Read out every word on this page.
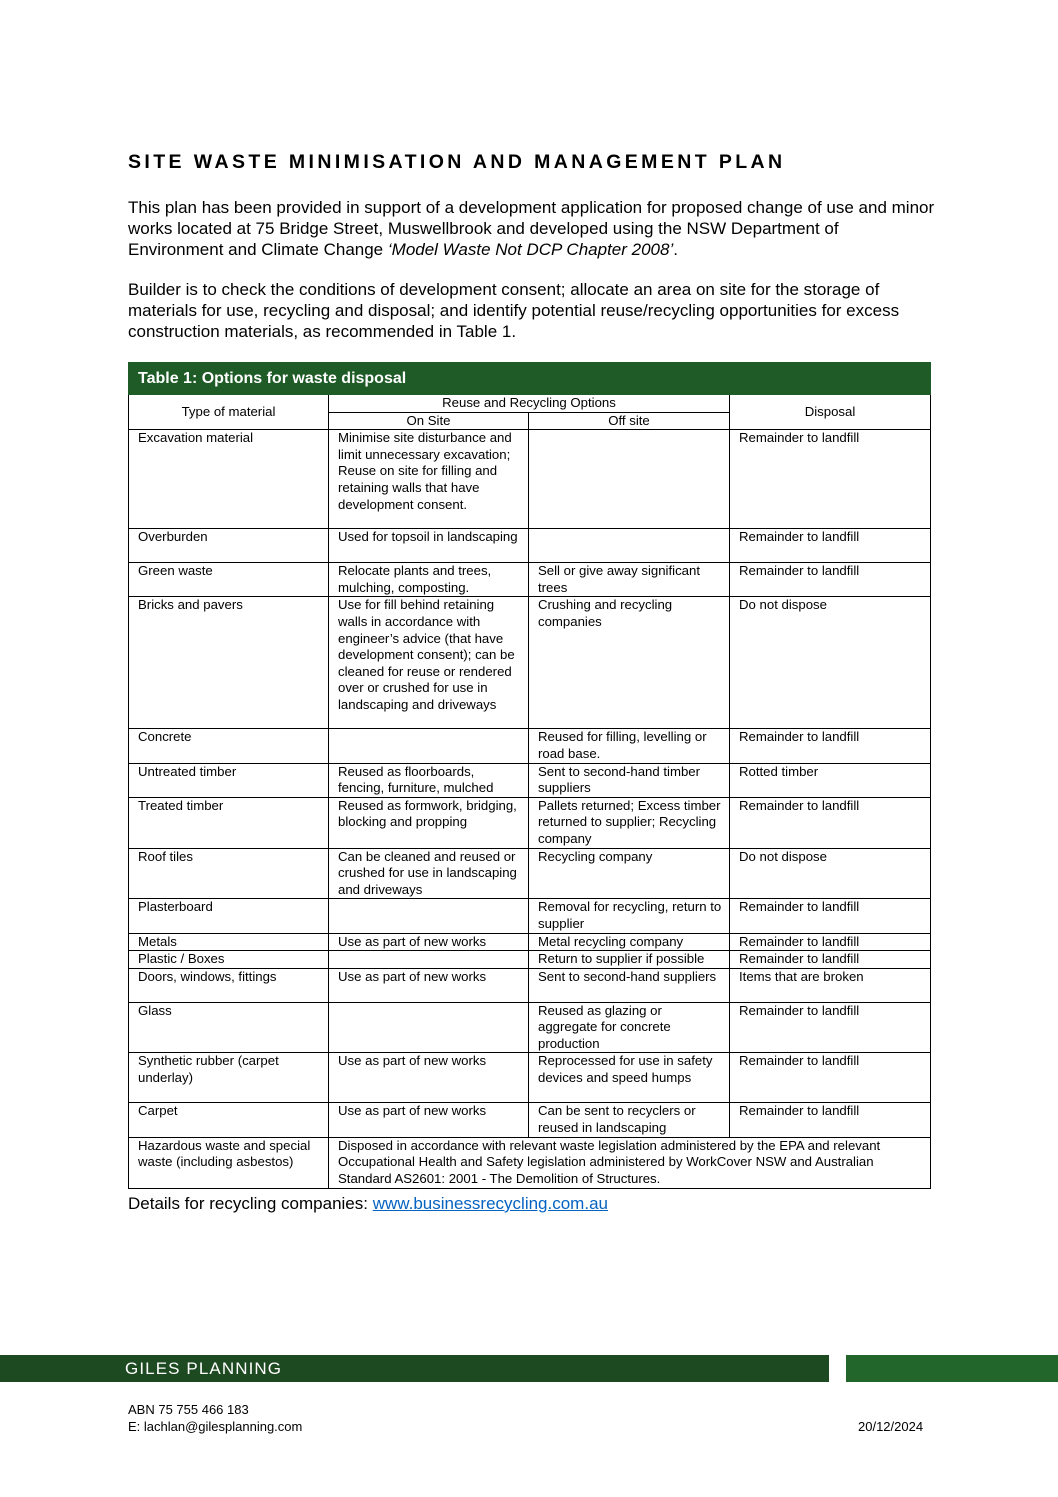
SITE WASTE MINIMISATION AND MANAGEMENT PLAN

This plan has been provided in support of a development application for proposed change of use and minor works located at 75 Bridge Street, Muswellbrook and developed using the NSW Department of Environment and Climate Change ‘Model Waste Not DCP Chapter 2008’.

Builder is to check the conditions of development consent; allocate an area on site for the storage of materials for use, recycling and disposal; and identify potential reuse/recycling opportunities for excess construction materials, as recommended in Table 1.

Table 1: Options for waste disposal			
Type of material	Reuse and Recycling Options		Disposal
	On Site	Off site	
Excavation material	Minimise site disturbance and limit unnecessary excavation; Reuse on site for filling and retaining walls that have development consent.		Remainder to landfill
Overburden	Used for topsoil in landscaping		Remainder to landfill
Green waste	Relocate plants and trees, mulching, composting.	Sell or give away significant trees	Remainder to landfill
Bricks and pavers	Use for fill behind retaining walls in accordance with engineer’s advice (that have development consent); can be cleaned for reuse or rendered over or crushed for use in landscaping and driveways	Crushing and recycling companies	Do not dispose
Concrete		Reused for filling, levelling or road base.	Remainder to landfill
Untreated timber	Reused as floorboards, fencing, furniture, mulched	Sent to second-hand timber suppliers	Rotted timber
Treated timber	Reused as formwork, bridging, blocking and propping	Pallets returned; Excess timber returned to supplier; Recycling company	Remainder to landfill
Roof tiles	Can be cleaned and reused or crushed for use in landscaping and driveways	Recycling company	Do not dispose
Plasterboard		Removal for recycling, return to supplier	Remainder to landfill
Metals	Use as part of new works	Metal recycling company	Remainder to landfill
Plastic / Boxes		Return to supplier if possible	Remainder to landfill
Doors, windows, fittings	Use as part of new works	Sent to second-hand suppliers	Items that are broken
Glass		Reused as glazing or aggregate for concrete production	Remainder to landfill
Synthetic rubber (carpet underlay)	Use as part of new works	Reprocessed for use in safety devices and speed humps	Remainder to landfill
Carpet	Use as part of new works	Can be sent to recyclers or reused in landscaping	Remainder to landfill
Hazardous waste and special waste (including asbestos)	Disposed in accordance with relevant waste legislation administered by the EPA and relevant Occupational Health and Safety legislation administered by WorkCover NSW and Australian Standard AS2601: 2001 - The Demolition of Structures.		

Details for recycling companies: www.businessrecycling.com.au

GILES PLANNING
ABN 75 755 466 183
E: lachlan@gilesplanning.com	20/12/2024
